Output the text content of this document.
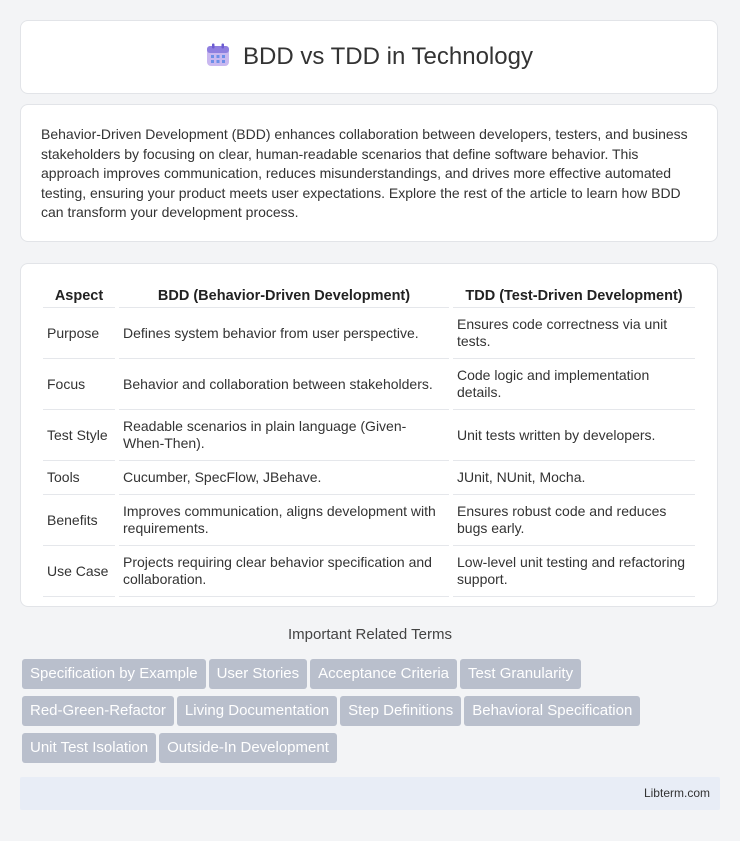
BDD vs TDD in Technology

Behavior-Driven Development (BDD) enhances collaboration between developers, testers, and business stakeholders by focusing on clear, human-readable scenarios that define software behavior. This approach improves communication, reduces misunderstandings, and drives more effective automated testing, ensuring your product meets user expectations. Explore the rest of the article to learn how BDD can transform your development process.

Aspect	BDD (Behavior-Driven Development)	TDD (Test-Driven Development)
Purpose	Defines system behavior from user perspective.	Ensures code correctness via unit tests.
Focus	Behavior and collaboration between stakeholders.	Code logic and implementation details.
Test Style	Readable scenarios in plain language (Given-When-Then).	Unit tests written by developers.
Tools	Cucumber, SpecFlow, JBehave.	JUnit, NUnit, Mocha.
Benefits	Improves communication, aligns development with requirements.	Ensures robust code and reduces bugs early.
Use Case	Projects requiring clear behavior specification and collaboration.	Low-level unit testing and refactoring support.
Important Related Terms
Specification by Example	User Stories	Acceptance Criteria	Test Granularity
Red-Green-Refactor	Living Documentation	Step Definitions	Behavioral Specification
Unit Test Isolation	Outside-In Development
Libterm.com
